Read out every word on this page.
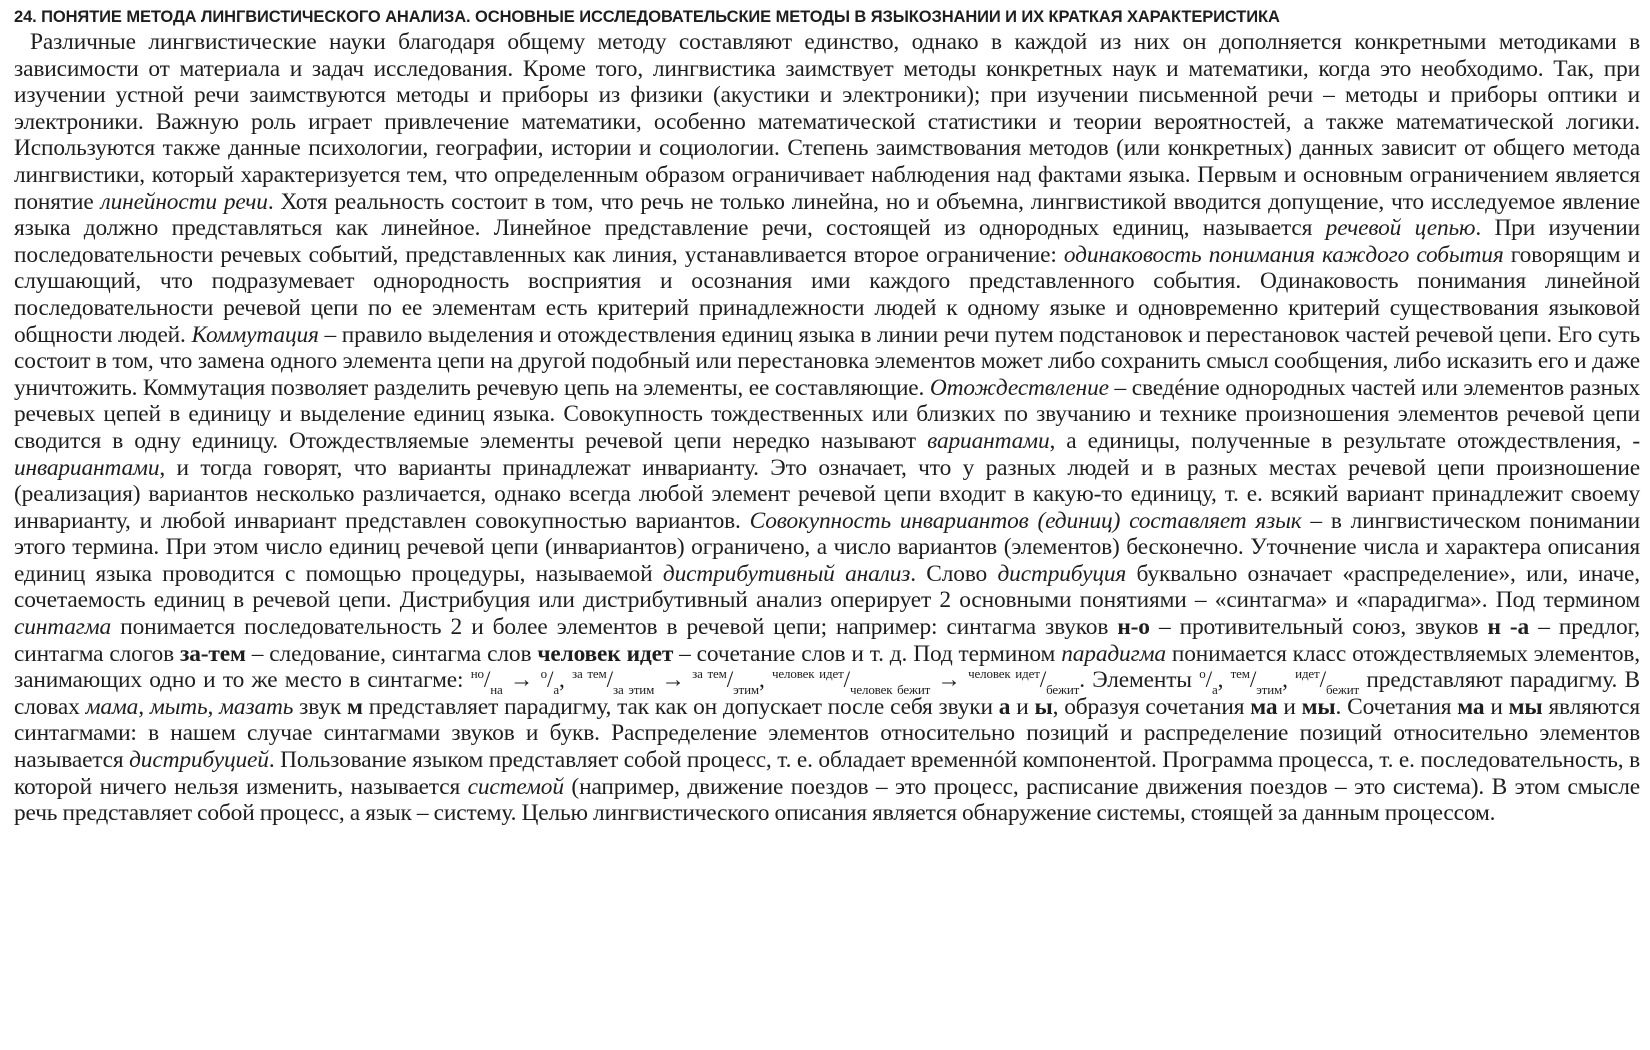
24. ПОНЯТИЕ МЕТОДА ЛИНГВИСТИЧЕСКОГО АНАЛИЗА. ОСНОВНЫЕ ИССЛЕДОВАТЕЛЬСКИЕ МЕТОДЫ В ЯЗЫКОЗНАНИИ И ИХ КРАТКАЯ ХАРАКТЕРИСТИКА

Различные лингвистические науки благодаря общему методу составляют единство, однако в каждой из них он дополняется конкретными методиками в зависимости от материала и задач исследования. Кроме того, лингвистика заимствует методы конкретных наук и математики, когда это необходимо. Так, при изучении устной речи заимствуются методы и приборы из физики (акустики и электроники); при изучении письменной речи – методы и приборы оптики и электроники. Важную роль играет привлечение математики, особенно математической статистики и теории вероятностей, а также математической логики. Используются также данные психологии, географии, истории и социологии. Степень заимствования методов (или конкретных) данных зависит от общего метода лингвистики, который характеризуется тем, что определенным образом ограничивает наблюдения над фактами языка. Первым и основным ограничением является понятие линейности речи. Хотя реальность состоит в том, что речь не только линейна, но и объемна, лингвистикой вводится допущение, что исследуемое явление языка должно представляться как линейное. Линейное представление речи, состоящей из однородных единиц, называется речевой цепью. При изучении последовательности речевых событий, представленных как линия, устанавливается второе ограничение: одинаковость понимания каждого события говорящим и слушающий, что подразумевает однородность восприятия и осознания ими каждого представленного события. Одинаковость понимания линейной последовательности речевой цепи по ее элементам есть критерий принадлежности людей к одному языке и одновременно критерий существования языковой общности людей. Коммутация – правило выделения и отождествления единиц языка в линии речи путем подстановок и перестановок частей речевой цепи. Его суть состоит в том, что замена одного элемента цепи на другой подобный или перестановка элементов может либо сохранить смысл сообщения, либо исказить его и даже уничтожить. Коммутация позволяет разделить речевую цепь на элементы, ее составляющие. Отождествление – сведéние однородных частей или элементов разных речевых цепей в единицу и выделение единиц языка. Совокупность тождественных или близких по звучанию и технике произношения элементов речевой цепи сводится в одну единицу. Отождествляемые элементы речевой цепи нередко называют вариантами, а единицы, полученные в результате отождествления, - инвариантами, и тогда говорят, что варианты принадлежат инварианту. Это означает, что у разных людей и в разных местах речевой цепи произношение (реализация) вариантов несколько различается, однако всегда любой элемент речевой цепи входит в какую-то единицу, т. е. всякий вариант принадлежит своему инварианту, и любой инвариант представлен совокупностью вариантов. Совокупность инвариантов (единиц) составляет язык – в лингвистическом понимании этого термина. При этом число единиц речевой цепи (инвариантов) ограничено, а число вариантов (элементов) бесконечно. Уточнение числа и характера описания единиц языка проводится с помощью процедуры, называемой дистрибутивный анализ. Слово дистрибуция буквально означает «распределение», или, иначе, сочетаемость единиц в речевой цепи. Дистрибуция или дистрибутивный анализ оперирует 2 основными понятиями – «синтагма» и «парадигма». Под термином синтагма понимается последовательность 2 и более элементов в речевой цепи; например: синтагма звуков н-о – противительный союз, звуков н -а – предлог, синтагма слогов за-тем – следование, синтагма слов человек идет – сочетание слов и т. д. Под термином парадигма понимается класс отождествляемых элементов, занимающих одно и то же место в синтагме: $^{но}/_{на} \to ^о/_а$, $^{за тем}/_{за этим} \to ^{за тем}/_{этим}$, $^{человек идет}/_{человек бежит} \to ^{человек идет}/_{бежит}$. Элементы $^о/_а$, $^{тем}/_{этим}$, $^{идет}/_{бежит}$ представляют парадигму. В словах мама, мыть, мазать звук м представляет парадигму, так как он допускает после себя звуки а и ы, образуя сочетания ма и мы. Сочетания ма и мы являются синтагмами: в нашем случае синтагмами звуков и букв. Распределение элементов относительно позиций и распределение позиций относительно элементов называется дистрибуцией. Пользование языком представляет собой процесс, т. е. обладает временнóй компонентой. Программа процесса, т. е. последовательность, в которой ничего нельзя изменить, называется системой (например, движение поездов – это процесс, расписание движения поездов – это система). В этом смысле речь представляет собой процесс, а язык – систему. Целью лингвистического описания является обнаружение системы, стоящей за данным процессом.
